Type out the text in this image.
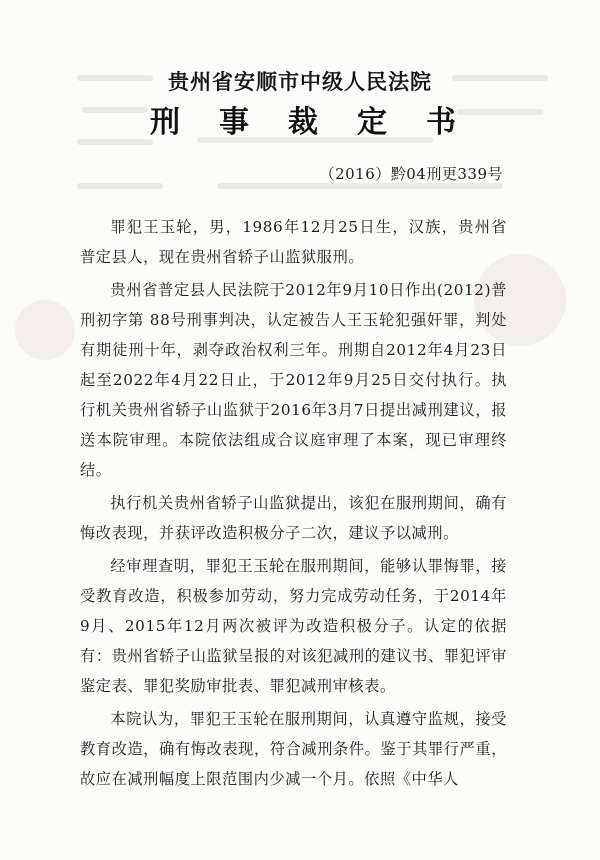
贵州省安顺市中级人民法院
刑 事 裁 定 书
（2016）黔04刑更339号

罪犯王玉轮，男，1986年12月25日生，汉族，贵州省普定县人，现在贵州省轿子山监狱服刑。

贵州省普定县人民法院于2012年9月10日作出(2012)普刑初字第 88号刑事判决，认定被告人王玉轮犯强奸罪，判处有期徒刑十年，剥夺政治权利三年。刑期自2012年4月23日起至2022年4月22日止，于2012年9月25日交付执行。执行机关贵州省轿子山监狱于2016年3月7日提出减刑建议，报送本院审理。本院依法组成合议庭审理了本案，现已审理终结。

执行机关贵州省轿子山监狱提出，该犯在服刑期间，确有悔改表现，并获评改造积极分子二次，建议予以减刑。

经审理查明，罪犯王玉轮在服刑期间，能够认罪悔罪，接受教育改造，积极参加劳动，努力完成劳动任务，于2014年9月、2015年12月两次被评为改造积极分子。认定的依据有：贵州省轿子山监狱呈报的对该犯减刑的建议书、罪犯评审鉴定表、罪犯奖励审批表、罪犯减刑审核表。

本院认为，罪犯王玉轮在服刑期间，认真遵守监规，接受教育改造，确有悔改表现，符合减刑条件。鉴于其罪行严重，故应在减刑幅度上限范围内少减一个月。依照《中华人
